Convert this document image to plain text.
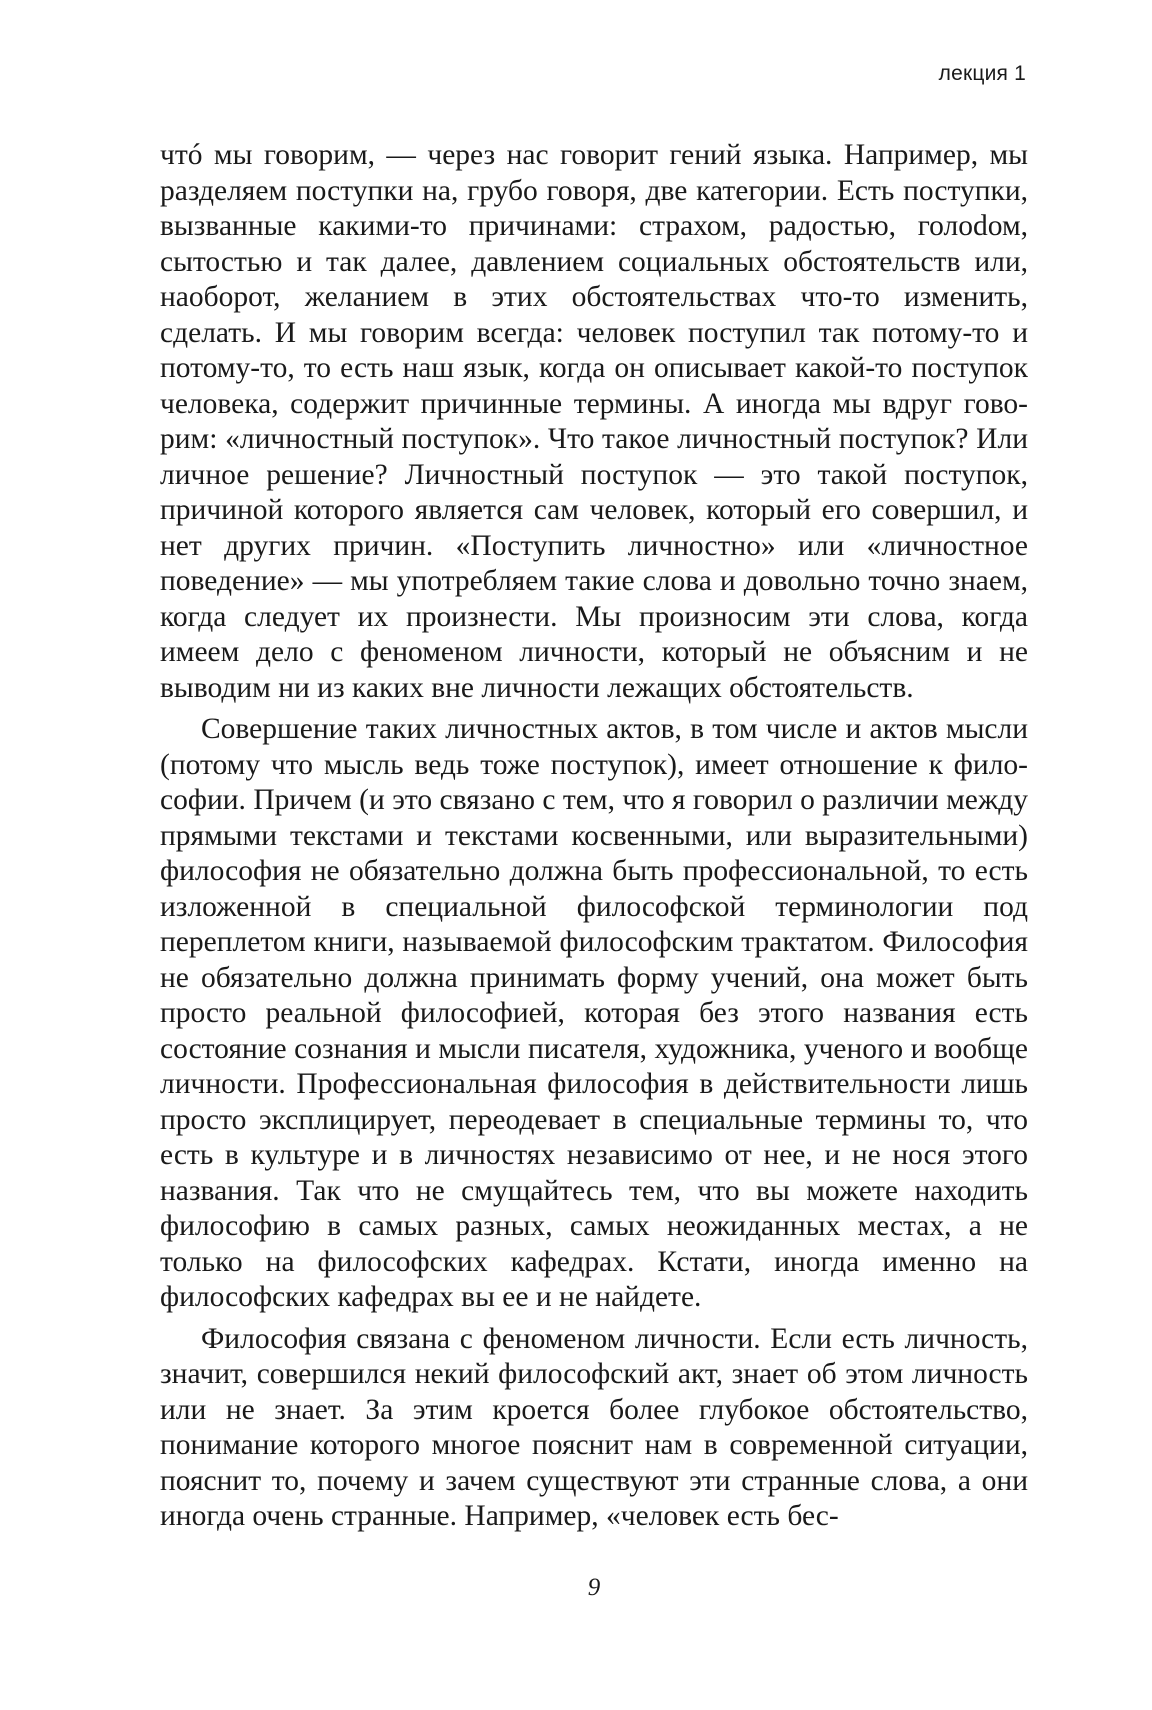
лекция 1

чтó мы говорим, — через нас говорит гений языка. Например, мы разделяем поступки на, грубо говоря, две категории. Есть поступки, вызванные какими-то причинами: страхом, радостью, голоdом, сытостью и так далее, давлением социальных обстоятельств или, наоборот, желанием в этих обстоятельствах что-то изменить, сделать. И мы говорим всегда: человек поступил так потому-то и потому-то, то есть наш язык, когда он описывает какой-то поступок человека, содержит причинные термины. А иногда мы вдруг говорим: «личностный поступок». Что такое личностный поступок? Или личное решение? Личностный поступок — это такой поступок, причиной которого является сам человек, который его совершил, и нет других причин. «Поступить личностно» или «личностное поведение» — мы употребляем такие слова и довольно точно знаем, когда следует их произнести. Мы произносим эти слова, когда имеем дело с феноменом личности, который не объясним и не выводим ни из каких вне личности лежащих обстоятельств.

Совершение таких личностных актов, в том числе и актов мысли (потому что мысль ведь тоже поступок), имеет отношение к философии. Причем (и это связано с тем, что я говорил о различии между прямыми текстами и текстами косвенными, или выразительными) философия не обязательно должна быть профессиональной, то есть изложенной в специальной философской терминологии под переплетом книги, называемой философским трактатом. Философия не обязательно должна принимать форму учений, она может быть просто реальной философией, которая без этого названия есть состояние сознания и мысли писателя, художника, ученого и вообще личности. Профессиональная философия в действительности лишь просто эксплицирует, переодевает в специальные термины то, что есть в культуре и в личностях независимо от нее, и не нося этого названия. Так что не смущайтесь тем, что вы можете находить философию в самых разных, самых неожиданных местах, а не только на философских кафедрах. Кстати, иногда именно на философских кафедрах вы ее и не найдете.

Философия связана с феноменом личности. Если есть личность, значит, совершился некий философский акт, знает об этом личность или не знает. За этим кроется более глубокое обстоятельство, понимание которого многое пояснит нам в современной ситуации, пояснит то, почему и зачем существуют эти странные слова, а они иногда очень странные. Например, «человек есть бес-

9
